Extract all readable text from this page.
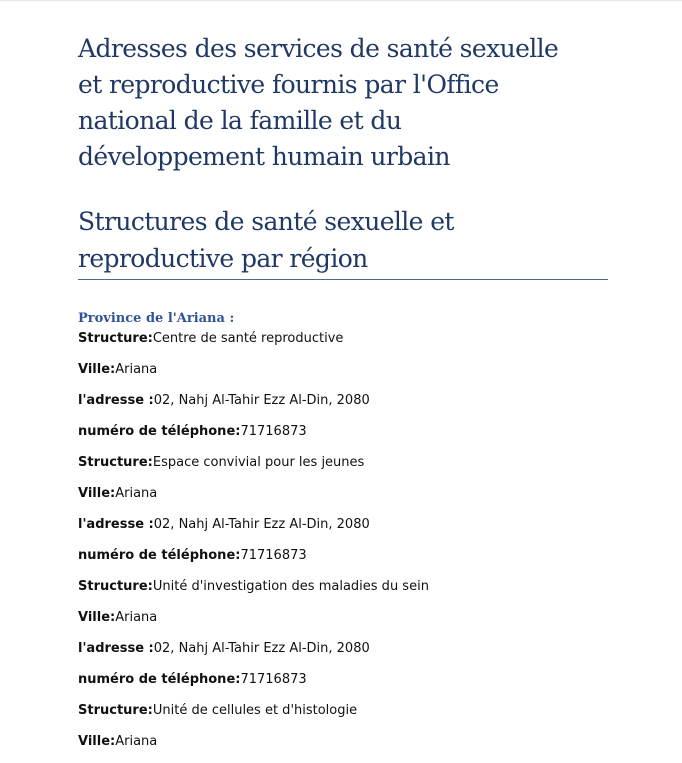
Adresses des services de santé sexuelle
et reproductive fournis par l'Office
national de la famille et du
développement humain urbain
Structures de santé sexuelle et
reproductive par région
Province de l'Ariana :
Structure:Centre de santé reproductive
Ville:Ariana
l'adresse :02, Nahj Al-Tahir Ezz Al-Din, 2080
numéro de téléphone:71716873
Structure:Espace convivial pour les jeunes
Ville:Ariana
l'adresse :02, Nahj Al-Tahir Ezz Al-Din, 2080
numéro de téléphone:71716873
Structure:Unité d'investigation des maladies du sein
Ville:Ariana
l'adresse :02, Nahj Al-Tahir Ezz Al-Din, 2080
numéro de téléphone:71716873
Structure:Unité de cellules et d'histologie
Ville:Ariana
